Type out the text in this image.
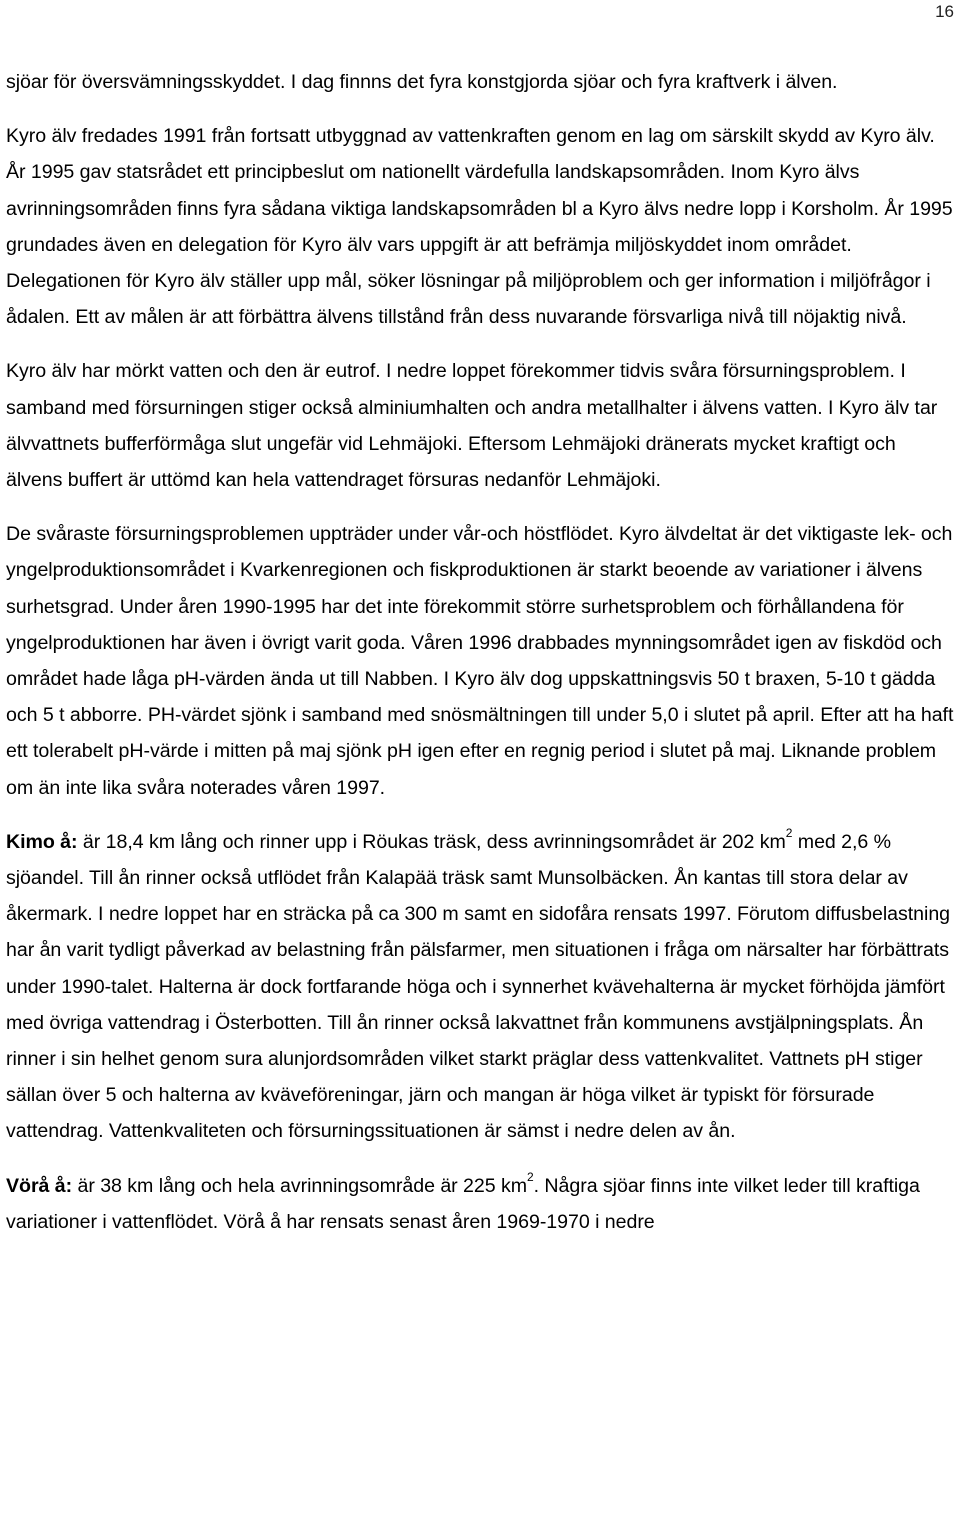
16

sjöar för översvämningsskyddet. I dag finnns det fyra konstgjorda sjöar och fyra kraftverk i älven.

Kyro älv fredades 1991 från fortsatt utbyggnad av vattenkraften genom en lag om särskilt skydd av Kyro älv. År 1995 gav statsrådet ett principbeslut om nationellt värdefulla landskapsområden. Inom Kyro älvs avrinningsområden finns fyra sådana viktiga landskapsområden bl a Kyro älvs nedre lopp i Korsholm. År 1995 grundades även en delegation för Kyro älv vars uppgift är att befrämja miljöskyddet inom området. Delegationen för Kyro älv ställer upp mål, söker lösningar på miljöproblem och ger information i miljöfrågor i ådalen. Ett av målen är att förbättra älvens tillstånd från dess nuvarande försvarliga nivå till nöjaktig nivå.

Kyro älv har mörkt vatten och den är eutrof. I nedre loppet förekommer tidvis svåra försurningsproblem. I samband med försurningen stiger också alminiumhalten och andra metallhalter i älvens vatten. I Kyro älv tar älvvattnets bufferförmåga slut ungefär vid Lehmäjoki. Eftersom Lehmäjoki dränerats mycket kraftigt och älvens buffert är uttömd kan hela vattendraget försuras nedanför Lehmäjoki.

De svåraste försurningsproblemen uppträder under vår-och höstflödet. Kyro älvdeltat är det viktigaste lek- och yngelproduktionsområdet i Kvarkenregionen och fiskproduktionen är starkt beoende av variationer i älvens surhetsgrad. Under åren 1990-1995 har det inte förekommit större surhetsproblem och förhållandena för yngelproduktionen har även i övrigt varit goda. Våren 1996 drabbades mynningsområdet igen av fiskdöd och området hade låga pH-värden ända ut till Nabben. I Kyro älv dog uppskattningsvis 50 t braxen, 5-10 t gädda och 5 t abborre. PH-värdet sjönk i samband med snösmältningen till under 5,0 i slutet på april. Efter att ha haft ett tolerabelt pH-värde i mitten på maj sjönk pH igen efter en regnig period i slutet på maj. Liknande problem om än inte lika svåra noterades våren 1997.

Kimo å: är 18,4 km lång och rinner upp i Röukas träsk, dess avrinningsområdet är 202 $km^2$ med 2,6 % sjöandel. Till ån rinner också utflödet från Kalapää träsk samt Munsolbäcken. Ån kantas till stora delar av åkermark. I nedre loppet har en sträcka på ca 300 m samt en sidofåra rensats 1997. Förutom diffusbelastning har ån varit tydligt påverkad av belastning från pälsfarmer, men situationen i fråga om närsalter har förbättrats under 1990-talet. Halterna är dock fortfarande höga och i synnerhet kvävehalterna är mycket förhöjda jämfört med övriga vattendrag i Österbotten. Till ån rinner också lakvattnet från kommunens avstjälpningsplats. Ån rinner i sin helhet genom sura alunjordsområden vilket starkt präglar dess vattenkvalitet. Vattnets pH stiger sällan över 5 och halterna av kväveföreningar, järn och mangan är höga vilket är typiskt för försurade vattendrag. Vattenkvaliteten och försurningssituationen är sämst i nedre delen av ån.

Vörå å: är 38 km lång och hela avrinningsområde är 225 $km^2$. Några sjöar finns inte vilket leder till kraftiga variationer i vattenflödet. Vörå å har rensats senast åren 1969-1970 i nedre
